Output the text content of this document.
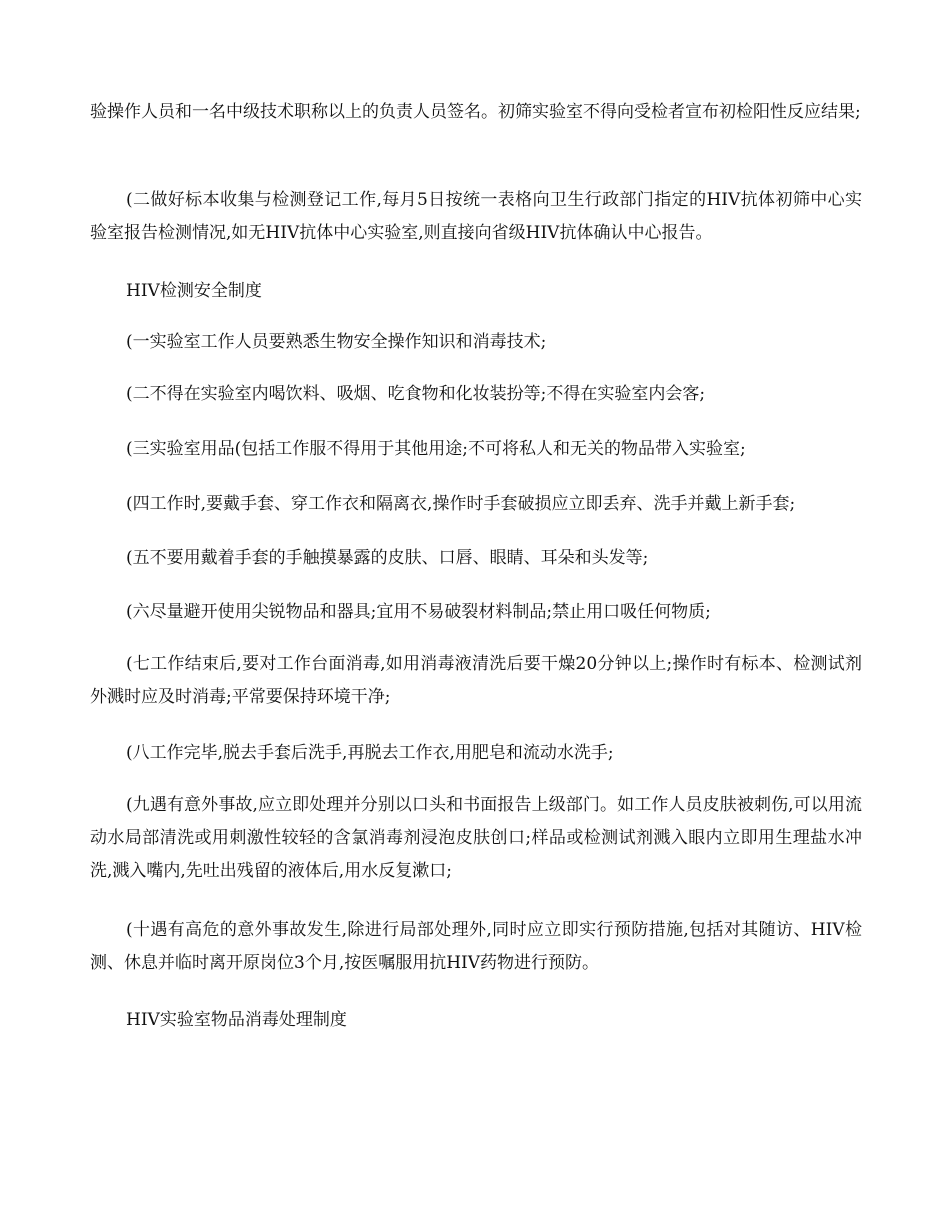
验操作人员和一名中级技术职称以上的负责人员签名。初筛实验室不得向受检者宣布初检阳性反应结果;

(二做好标本收集与检测登记工作,每月5日按统一表格向卫生行政部门指定的HIV抗体初筛中心实验室报告检测情况,如无HIV抗体中心实验室,则直接向省级HIV抗体确认中心报告。

HIV检测安全制度

(一实验室工作人员要熟悉生物安全操作知识和消毒技术;

(二不得在实验室内喝饮料、吸烟、吃食物和化妆装扮等;不得在实验室内会客;

(三实验室用品(包括工作服不得用于其他用途;不可将私人和无关的物品带入实验室;

(四工作时,要戴手套、穿工作衣和隔离衣,操作时手套破损应立即丢弃、洗手并戴上新手套;

(五不要用戴着手套的手触摸暴露的皮肤、口唇、眼睛、耳朵和头发等;

(六尽量避开使用尖锐物品和器具;宜用不易破裂材料制品;禁止用口吸任何物质;

(七工作结束后,要对工作台面消毒,如用消毒液清洗后要干燥20分钟以上;操作时有标本、检测试剂外溅时应及时消毒;平常要保持环境干净;

(八工作完毕,脱去手套后洗手,再脱去工作衣,用肥皂和流动水洗手;

(九遇有意外事故,应立即处理并分别以口头和书面报告上级部门。如工作人员皮肤被刺伤,可以用流动水局部清洗或用刺激性较轻的含氯消毒剂浸泡皮肤创口;样品或检测试剂溅入眼内立即用生理盐水冲洗,溅入嘴内,先吐出残留的液体后,用水反复漱口;

(十遇有高危的意外事故发生,除进行局部处理外,同时应立即实行预防措施,包括对其随访、HIV检测、休息并临时离开原岗位3个月,按医嘱服用抗HIV药物进行预防。

HIV实验室物品消毒处理制度
